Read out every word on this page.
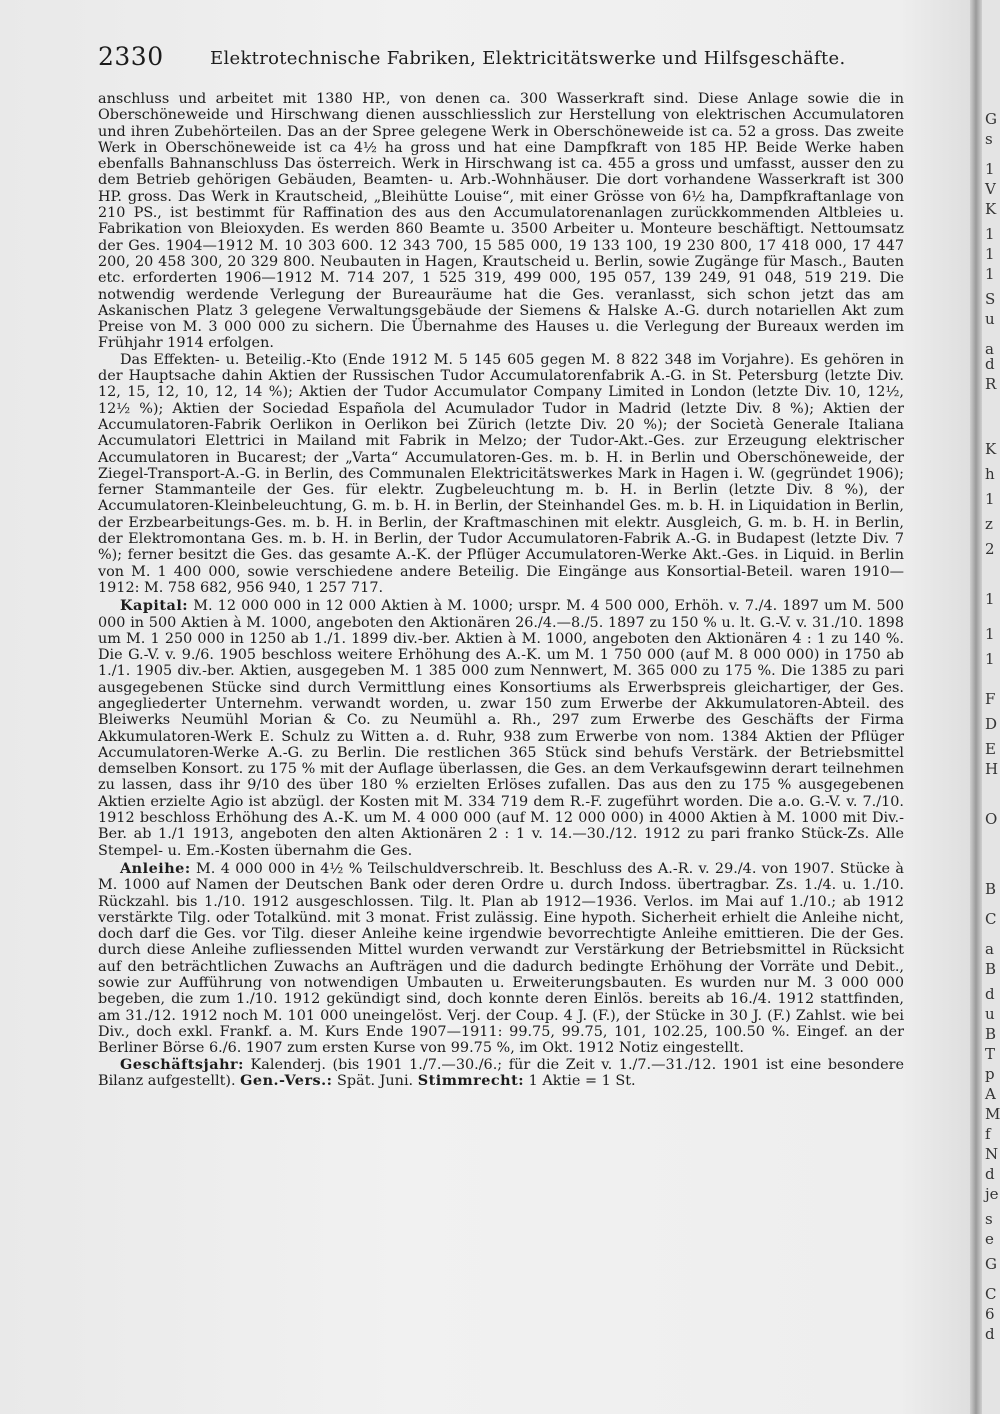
2330	Elektrotechnische Fabriken, Elektricitätswerke und Hilfsgeschäfte.

anschluss und arbeitet mit 1380 HP., von denen ca. 300 Wasserkraft sind. Diese Anlage sowie die in Oberschöneweide und Hirschwang dienen ausschliesslich zur Herstellung von elektrischen Accumulatoren und ihren Zubehörteilen. Das an der Spree gelegene Werk in Oberschöneweide ist ca. 52 a gross. Das zweite Werk in Oberschöneweide ist ca 4½ ha gross und hat eine Dampfkraft von 185 HP. Beide Werke haben ebenfalls Bahnanschluss Das österreich. Werk in Hirschwang ist ca. 455 a gross und umfasst, ausser den zu dem Betrieb gehörigen Gebäuden, Beamten- u. Arb.-Wohnhäuser. Die dort vorhandene Wasserkraft ist 300 HP. gross. Das Werk in Krautscheid, „Bleihütte Louise“, mit einer Grösse von 6½ ha, Dampfkraftanlage von 210 PS., ist bestimmt für Raffination des aus den Accumulatorenanlagen zurückkommenden Altbleies u. Fabrikation von Bleioxyden. Es werden 860 Beamte u. 3500 Arbeiter u. Monteure beschäftigt. Nettoumsatz der Ges. 1904—1912 M. 10 303 600. 12 343 700, 15 585 000, 19 133 100, 19 230 800, 17 418 000, 17 447 200, 20 458 300, 20 329 800. Neubauten in Hagen, Krautscheid u. Berlin, sowie Zugänge für Masch., Bauten etc. erforderten 1906—1912 M. 714 207, 1 525 319, 499 000, 195 057, 139 249, 91 048, 519 219. Die notwendig werdende Verlegung der Bureauräume hat die Ges. veranlasst, sich schon jetzt das am Askanischen Platz 3 gelegene Verwaltungsgebäude der Siemens & Halske A.-G. durch notariellen Akt zum Preise von M. 3 000 000 zu sichern. Die Übernahme des Hauses u. die Verlegung der Bureaux werden im Frühjahr 1914 erfolgen.

Das Effekten- u. Beteilig.-Kto (Ende 1912 M. 5 145 605 gegen M. 8 822 348 im Vorjahre). Es gehören in der Hauptsache dahin Aktien der Russischen Tudor Accumulatorenfabrik A.-G. in St. Petersburg (letzte Div. 12, 15, 12, 10, 12, 14 %); Aktien der Tudor Accumulator Company Limited in London (letzte Div. 10, 12½, 12½ %); Aktien der Sociedad Española del Acumulador Tudor in Madrid (letzte Div. 8 %); Aktien der Accumulatoren-Fabrik Oerlikon in Oerlikon bei Zürich (letzte Div. 20 %); der Società Generale Italiana Accumulatori Elettrici in Mailand mit Fabrik in Melzo; der Tudor-Akt.-Ges. zur Erzeugung elektrischer Accumulatoren in Bucarest; der „Varta“ Accumulatoren-Ges. m. b. H. in Berlin und Oberschöneweide, der Ziegel-Transport-A.-G. in Berlin, des Communalen Elektricitätswerkes Mark in Hagen i. W. (gegründet 1906); ferner Stammanteile der Ges. für elektr. Zugbeleuchtung m. b. H. in Berlin (letzte Div. 8 %), der Accumulatoren-Kleinbeleuchtung, G. m. b. H. in Berlin, der Steinhandel Ges. m. b. H. in Liquidation in Berlin, der Erzbearbeitungs-Ges. m. b. H. in Berlin, der Kraftmaschinen mit elektr. Ausgleich, G. m. b. H. in Berlin, der Elektromontana Ges. m. b. H. in Berlin, der Tudor Accumulatoren-Fabrik A.-G. in Budapest (letzte Div. 7 %); ferner besitzt die Ges. das gesamte A.-K. der Pflüger Accumulatoren-Werke Akt.-Ges. in Liquid. in Berlin von M. 1 400 000, sowie verschiedene andere Beteilig. Die Eingänge aus Konsortial-Beteil. waren 1910—1912: M. 758 682, 956 940, 1 257 717.

Kapital: M. 12 000 000 in 12 000 Aktien à M. 1000; urspr. M. 4 500 000, Erhöh. v. 7./4. 1897 um M. 500 000 in 500 Aktien à M. 1000, angeboten den Aktionären 26./4.—8./5. 1897 zu 150 % u. lt. G.-V. v. 31./10. 1898 um M. 1 250 000 in 1250 ab 1./1. 1899 div.-ber. Aktien à M. 1000, angeboten den Aktionären 4 : 1 zu 140 %. Die G.-V. v. 9./6. 1905 beschloss weitere Erhöhung des A.-K. um M. 1 750 000 (auf M. 8 000 000) in 1750 ab 1./1. 1905 div.-ber. Aktien, ausgegeben M. 1 385 000 zum Nennwert, M. 365 000 zu 175 %. Die 1385 zu pari ausgegebenen Stücke sind durch Vermittlung eines Konsortiums als Erwerbspreis gleichartiger, der Ges. angegliederter Unternehm. verwandt worden, u. zwar 150 zum Erwerbe der Akkumulatoren-Abteil. des Bleiwerks Neumühl Morian & Co. zu Neumühl a. Rh., 297 zum Erwerbe des Geschäfts der Firma Akkumulatoren-Werk E. Schulz zu Witten a. d. Ruhr, 938 zum Erwerbe von nom. 1384 Aktien der Pflüger Accumulatoren-Werke A.-G. zu Berlin. Die restlichen 365 Stück sind behufs Verstärk. der Betriebsmittel demselben Konsort. zu 175 % mit der Auflage überlassen, die Ges. an dem Verkaufsgewinn derart teilnehmen zu lassen, dass ihr 9/10 des über 180 % erzielten Erlöses zufallen. Das aus den zu 175 % ausgegebenen Aktien erzielte Agio ist abzügl. der Kosten mit M. 334 719 dem R.-F. zugeführt worden. Die a.o. G.-V. v. 7./10. 1912 beschloss Erhöhung des A.-K. um M. 4 000 000 (auf M. 12 000 000) in 4000 Aktien à M. 1000 mit Div.-Ber. ab 1./1 1913, angeboten den alten Aktionären 2 : 1 v. 14.—30./12. 1912 zu pari franko Stück-Zs. Alle Stempel- u. Em.-Kosten übernahm die Ges.

Anleihe: M. 4 000 000 in 4½ % Teilschuldverschreib. lt. Beschluss des A.-R. v. 29./4. von 1907. Stücke à M. 1000 auf Namen der Deutschen Bank oder deren Ordre u. durch Indoss. übertragbar. Zs. 1./4. u. 1./10. Rückzahl. bis 1./10. 1912 ausgeschlossen. Tilg. lt. Plan ab 1912—1936. Verlos. im Mai auf 1./10.; ab 1912 verstärkte Tilg. oder Totalkünd. mit 3 monat. Frist zulässig. Eine hypoth. Sicherheit erhielt die Anleihe nicht, doch darf die Ges. vor Tilg. dieser Anleihe keine irgendwie bevorrechtigte Anleihe emittieren. Die der Ges. durch diese Anleihe zufliessenden Mittel wurden verwandt zur Verstärkung der Betriebsmittel in Rücksicht auf den beträchtlichen Zuwachs an Aufträgen und die dadurch bedingte Erhöhung der Vorräte und Debit., sowie zur Aufführung von notwendigen Umbauten u. Erweiterungsbauten. Es wurden nur M. 3 000 000 begeben, die zum 1./10. 1912 gekündigt sind, doch konnte deren Einlös. bereits ab 16./4. 1912 stattfinden, am 31./12. 1912 noch M. 101 000 uneingelöst. Verj. der Coup. 4 J. (F.), der Stücke in 30 J. (F.) Zahlst. wie bei Div., doch exkl. Frankf. a. M. Kurs Ende 1907—1911: 99.75, 99.75, 101, 102.25, 100.50 %. Eingef. an der Berliner Börse 6./6. 1907 zum ersten Kurse von 99.75 %, im Okt. 1912 Notiz eingestellt.

Geschäftsjahr: Kalenderj. (bis 1901 1./7.—30./6.; für die Zeit v. 1./7.—31./12. 1901 ist eine besondere Bilanz aufgestellt). Gen.-Vers.: Spät. Juni. Stimmrecht: 1 Aktie = 1 St.

G
s
1
V
K
1
1
1
S
u
a
d
R
K
h
1
z
2
1
1
1
F
D
E
H
O
B
C
a
B
d
u
B
T
p
A
M
f
N
d
je
s
e
G
C
6
d
